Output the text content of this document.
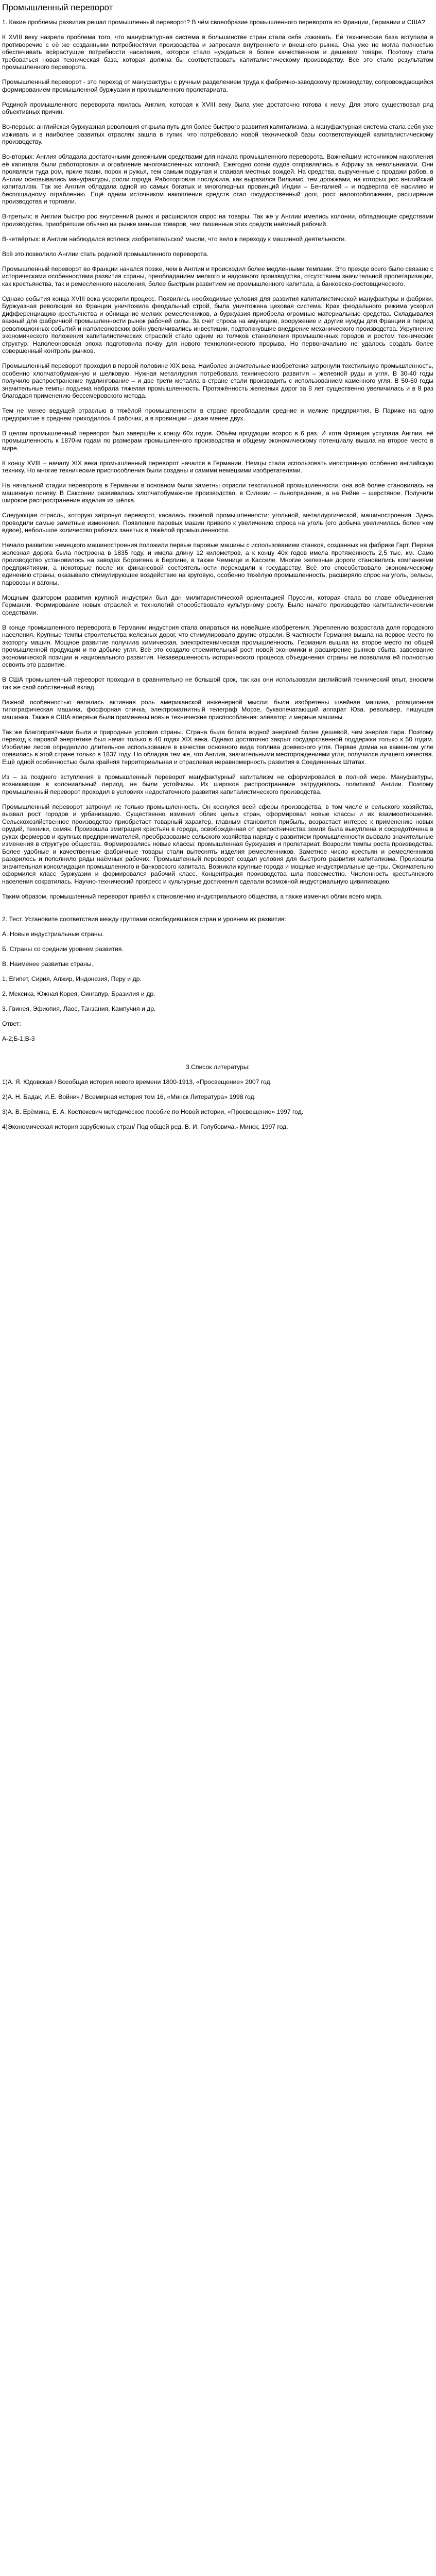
Промышленный переворот

1. Какие проблемы развития решал промышленный переворот? В чём своеобразие промышленного переворота во Франции, Германии и США?

К XVIII веку назрела проблема того, что мануфактурная система в большинстве стран стала себя изживать. Её техническая база вступила в противоречие с её же созданными потребностями производства и запросами внутреннего и внешнего рынка. Она уже не могла полностью обеспечивать всёрастущие потребности населения, которое стало нуждаться в более качественном и дешевом товаре. Поэтому стала требоваться новая техническая база, которая должна бы соответствовать капиталистическому производству. Всё это стало результатом промышленного переворота.

Промышленный переворот - это переход от мануфактуры с ручным разделением труда к фабрично-заводскому производству, сопровождающийся формированием промышленной буржуазии и промышленного пролетариата.

Родиной промышленного переворота явилась Англия, которая к XVIII веку была уже достаточно готова к нему. Для этого существовал ряд объективных причин.

Во-первых: английская буржуазная революция открыла путь для более быстрого развития капитализма, а мануфактурная система стала себя уже изживать и в наиболее развитых отраслях зашла в тупик, что потребовало новой технической базы соответствующей капиталистическому производству.

Во-вторых: Англия обладала достаточными денежными средствами для начала промышленного переворота. Важнейшим источником накопления её капитала были работорговля и ограбление многочисленных колоний. Ежегодно сотни судов отправлялись в Африку за невольниками. Они проявляли туда ром, яркие ткани, порох и ружья, тем самым подкупая и спаивая местных вождей. На средства, вырученные с продажи рабов, в Англии основывались мануфактуры, росли города. Работорговля послужила, как выразился Вильямс, тем дрожжами, на которых рос английский капитализм. Так же Англия обладала одной из самых богатых и многолюдных провинций Индии – Бенгалией – и подвергла её насилию и беспощадному ограблению. Ещё одним источником накопления средств стал государственный долг, рост налогообложения, расширение производства и торговли.

В-третьих: в Англии быстро рос внутренний рынок и расширился спрос на товары. Так же у Англии имелись колонии, обладающие средствами производства, приобретшие обычно на рынке меньше товаров, чем лишенные этих средств наёмный рабочий.

В-четвёртых: в Англии наблюдался всплеск изобретательской мысли, что вело к переходу к машинной деятельности.

Всё это позволило Англии стать родиной промышленного переворота.

Промышленный переворот во Франции начался позже, чем в Англии и происходил более медленными темпами. Это прежде всего было связано с историческими особенностями развития страны, преобладанием мелкого и надомного производства, отсутствием значительной пролетаризации, как крестьянства, так и ремесленного населения, более быстрым развитием не промышленного капитала, а банковско-ростовщического.

Однако события конца XVIII века ускорили процесс. Появились необходимые условия для развития капиталистической мануфактуры и фабрики. Буржуазная революция во Франции уничтожила феодальный строй, была уничтожена цеховая система. Крах феодального режима ускорил дифференциацию крестьянства и обнищание мелких ремесленников, а буржуазия приобрела огромные материальные средства. Складывался важный для фабричной промышленности рынок рабочей силы. За счет спроса на амуницию, вооружение и другие нужды для Франции в период революционных событий и наполеоновских войн увеличивались инвестиции, подтолкнувшие внедрение механического производства. Укрупнение экономического положения капиталистических отраслей стало одним из толчков становления промышленных городов и ростом технических структур. Наполеоновская эпоха подготовила почву для нового технологического прорыва. Но первоначально не удалось создать более совершенный контроль рынков.

Промышленный переворот проходил в первой половине XIX века. Наиболее значительные изобретения затронули текстильную промышленность, особенно хлопчатобумажную и шелковую. Нужная металлургия потребовала технического развития – железной руды и угля. В 30-40 годы получило распространение пудлингование – и две трети металла в стране стали производить с использованием каменного угля. В 50-60 годы значительные темпы подъема набрала тяжелая промышленность. Протяжённость железных дорог за 8 лет существенно увеличилась и в 8 раз благодаря применению бессемеровского метода.

Тем не менее ведущей отраслью в тяжёлой промышленности в стране преобладали средние и мелкие предприятия. В Париже на одно предприятие в среднем приходилось 4 рабочих, а в провинции – даже менее двух.

В целом промышленный переворот был завершён к концу 60х годов. Объём продукции возрос в 6 раз. И хотя Франция уступала Англии, её промышленность к 1870-м годам по размерам промышленного производства и общему экономическому потенциалу вышла на второе место в мире.

К концу XVIII – началу XIX века промышленный переворот начался в Германии. Немцы стали использовать иностранную особенно английскую технику. Но многие технические приспособления были созданы и самими немецкими изобретателями.

На начальной стадии переворота в Германии в основном были заметны отрасли текстильной промышленности, она всё более становилась на машинную основу. В Саксонии развивалась хлопчатобумажное производство, в Силезии – льнопрядение, а на Рейне – шерстяное. Получили широкое распространение изделия из шёлка.

Следующая отрасль, которую затронул переворот, касалась тяжёлой промышленности: угольной, металлургической, машиностроения. Здесь проводили самые заметные изменения. Появление паровых машин привело к увеличению спроса на уголь (его добыча увеличилась более чем вдвое), небольшое количество рабочих занятых в тяжёлой промышленности.

Начало развитию немецкого машиностроения положили первые паровые машины с использованием станков, созданных на фабрике Гарт. Первая железная дорога была построена в 1835 году, и имела длину 12 километров, а к концу 40х годов имела протяженность 2,5 тыс. км. Само производство установилось на заводах Борзигена в Берлине, в также Чемнице и Касселе. Многие железные дороги становились компаниями предприятиями, а некоторые после их финансовой состоятельности переходили к государству. Всё это способствовало экономическому единению страны, оказывало стимулирующее воздействие на круговую, особенно тяжёлую промышленность, расширяло спрос на уголь, рельсы, паровозы и вагоны.

Мощным фактором развития крупной индустрии был дан милитаристической ориентацией Пруссии, которая стала во главе объединения Германии. Формирование новых отраслей и технологий способствовало культурному росту. Было начато производство капиталистическими средствами.

В конце промышленного переворота в Германии индустрия стала опираться на новейшие изобретения. Укреплению возрастала доля городского населения. Крупные темпы строительства железных дорог, что стимулировало другие отрасли. В частности Германия вышла на первое место по экспорту машин. Мощное развитие получила химическая, электротехническая промышленность. Германия вышла на второе место по общей промышленной продукции и по добыче угля. Всё это создало стремительный рост новой экономики и расширение рынков сбыта, завоевание экономической позиции и национального развития. Незавершенность исторического процесса объединения страны не позволила ей полностью освоить это развитие.

В США промышленный переворот проходил в сравнительно не большой срок, так как они использовали английский технический опыт, вносили так же свой собственный вклад.

Важной особенностью являлась активная роль американской инженерной мысли: были изобретены швейная машина, ротационная типографическая машина, фосфорная спичка, электромагнитный телеграф Морзе, буквопечатающий аппарат Юза, револьвер, пишущая машинка. Также в США впервые были применены новые технические приспособления: элеватор и мерные машины.

Так же благоприятными были и природные условия страны. Страна была богата водной энергией более дешевой, чем энергия пара. Поэтому переход к паровой энергетике был начат только в 40 годах XIX века. Однако достаточно закрыт государственной поддержки только к 50 годам. Изобилие лесов определило длительное использование в качестве основного вида топлива древесного угля. Первая домна на каменном угле появилась в этой стране только в 1837 году. Но обладая тем же, что Англия, значительными месторождениями угля, получился лучшего качества. Ещё одной особенностью была крайняя территориальная и отраслевая неравномерность развития в Соединенных Штатах.

Из – за позднего вступления в промышленный переворот мануфактурный капитализм не сформировался в полной мере. Мануфактуры, возникавшие в колониальный период, не были устойчивы. Их широкое распространение затруднялось политикой Англии. Поэтому промышленный переворот проходил в условиях недостаточного развития капиталистического производства.

Промышленный переворот затронул не только промышленность. Он коснулся всей сферы производства, в том числе и сельского хозяйства, вызвал рост городов и урбанизацию. Существенно изменил облик целых стран, сформировал новые классы и их взаимоотношения. Сельскохозяйственное производство приобретает товарный характер, главным становится прибыль, возрастает интерес к применению новых орудий, техники, семян. Произошла эмиграция крестьян в города, освобождённая от крепостничества земля была выкуплена и сосредоточена в руках фермеров и крупных предпринимателей, преобразование сельского хозяйства наряду с развитием промышленности вызвало значительные изменения в структуре общества. Формировались новые классы: промышленная буржуазия и пролетариат. Возросли темпы роста производства. Более удобные и качественные фабричные товары стали вытеснять изделия ремесленников. Заметное число крестьян и ремесленников разорилось и пополнило ряды наёмных рабочих. Промышленный переворот создал условия для быстрого развития капитализма. Произошла значительная консолидация промышленного и банковского капитала. Возникли крупные города и мощные индустриальные центры. Окончательно оформился класс буржуазии и формировался рабочий класс. Концентрация производства шла повсеместно. Численность крестьянского населения сократилась. Научно-технический прогресс и культурные достижения сделали возможной индустриальную цивилизацию.

Таким образом, промышленный переворот привёл к становлению индустриального общества, а также изменил облик всего мира.

2. Тест. Установите соответствия между группами освободившихся стран и уровнем их развития:
А. Новые индустриальные страны.
Б. Страны со средним уровнем развития.
В. Наименее развитые страны.
1. Египет, Сирия, Алжир, Индонезия, Перу и др.
2. Мексика, Южная Корея, Сингапур, Бразилия и др.
3. Гвинея, Эфиопия, Лаос, Танзания, Кампучия и др.
Ответ:
А-2;Б-1;В-3
3.Список литературы:
1)А. Я. Юдовская / Всеобщая история нового времени 1800-1913, «Просвещение» 2007 год.
2)А. Н. Бадак, И.Е. Войнич / Всемирная история том 16, «Минск Литература» 1998 год.
3)А. В. Ерёмина, Е. А. Костюкевич методическое пособие по Новой истории, «Просвещение» 1997 год.
4)Экономическая история зарубежных стран/ Под общей ред. В. И. Голубовича.- Минск, 1997 год.
